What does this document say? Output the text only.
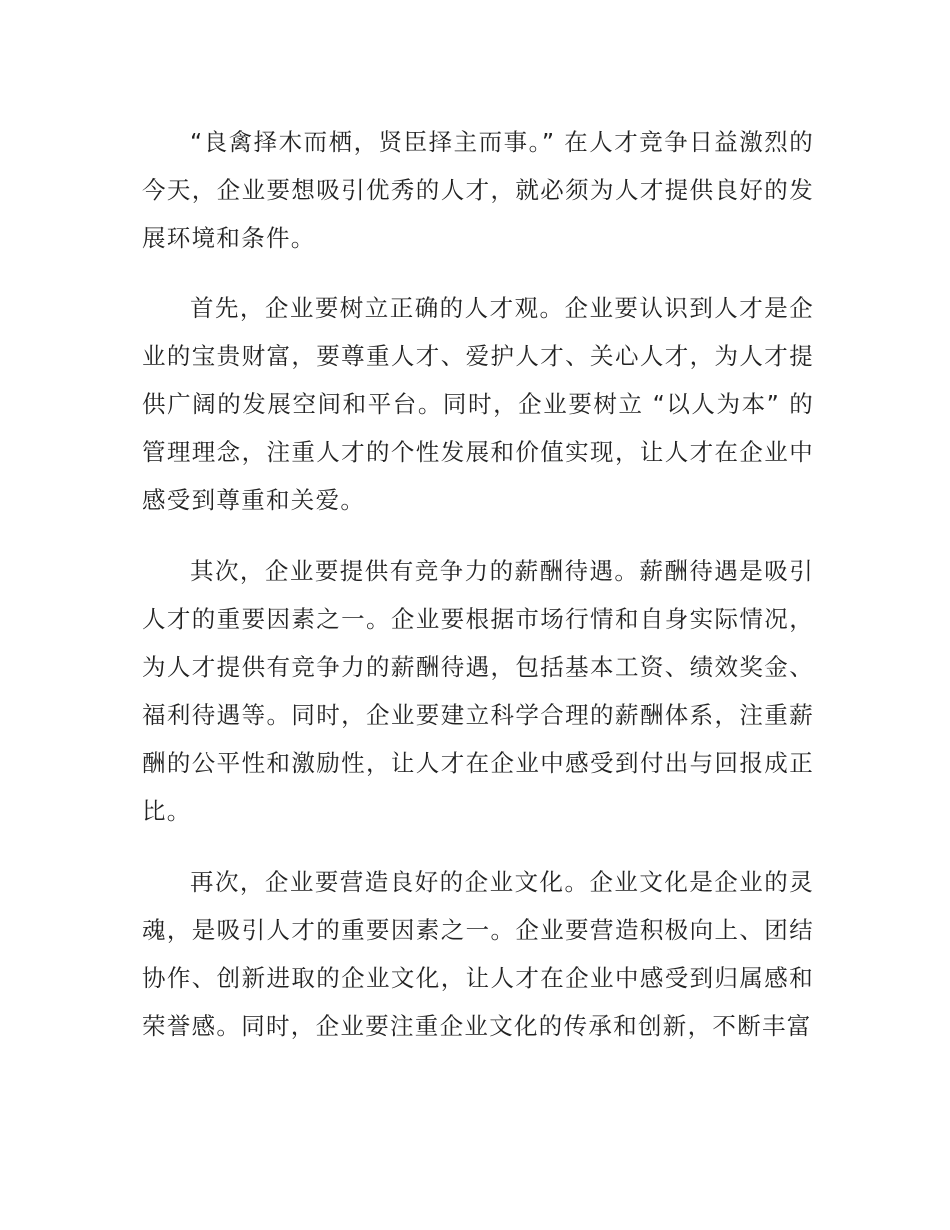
“良禽择木而栖，贤臣择主而事。” 在人才竞争日益激烈的今天，企业要想吸引优秀的人才，就必须为人才提供良好的发展环境和条件。

首先，企业要树立正确的人才观。企业要认识到人才是企业的宝贵财富，要尊重人才、爱护人才、关心人才，为人才提供广阔的发展空间和平台。同时，企业要树立 “以人为本” 的管理理念，注重人才的个性发展和价值实现，让人才在企业中感受到尊重和关爱。

其次，企业要提供有竞争力的薪酬待遇。薪酬待遇是吸引人才的重要因素之一。企业要根据市场行情和自身实际情况，为人才提供有竞争力的薪酬待遇，包括基本工资、绩效奖金、福利待遇等。同时，企业要建立科学合理的薪酬体系，注重薪酬的公平性和激励性，让人才在企业中感受到付出与回报成正比。

再次，企业要营造良好的企业文化。企业文化是企业的灵魂，是吸引人才的重要因素之一。企业要营造积极向上、团结协作、创新进取的企业文化，让人才在企业中感受到归属感和荣誉感。同时，企业要注重企业文化的传承和创新，不断丰富
